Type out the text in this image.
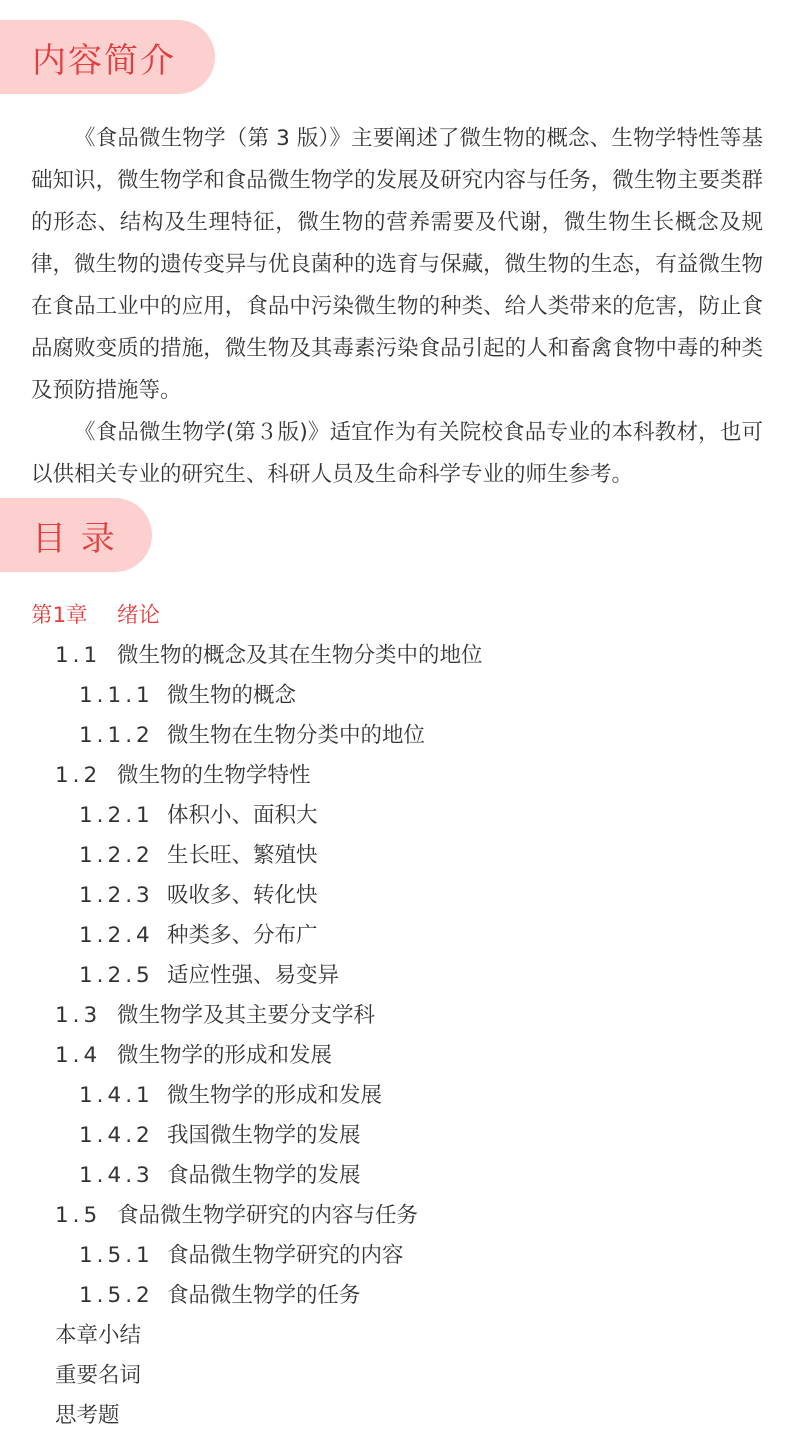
内容简介

《食品微生物学（第 3 版）》主要阐述了微生物的概念、生物学特性等基础知识，微生物学和食品微生物学的发展及研究内容与任务，微生物主要类群的形态、结构及生理特征，微生物的营养需要及代谢，微生物生长概念及规律，微生物的遗传变异与优良菌种的选育与保藏，微生物的生态，有益微生物在食品工业中的应用，食品中污染微生物的种类、给人类带来的危害，防止食品腐败变质的措施，微生物及其毒素污染食品引起的人和畜禽食物中毒的种类及预防措施等。

《食品微生物学(第３版)》适宜作为有关院校食品专业的本科教材，也可以供相关专业的研究生、科研人员及生命科学专业的师生参考。

目 录
第1章	绪论
1.1 微生物的概念及其在生物分类中的地位
1.1.1 微生物的概念
1.1.2 微生物在生物分类中的地位
1.2 微生物的生物学特性
1.2.1 体积小、面积大
1.2.2 生长旺、繁殖快
1.2.3 吸收多、转化快
1.2.4 种类多、分布广
1.2.5 适应性强、易变异
1.3 微生物学及其主要分支学科
1.4 微生物学的形成和发展
1.4.1 微生物学的形成和发展
1.4.2 我国微生物学的发展
1.4.3 食品微生物学的发展
1.5 食品微生物学研究的内容与任务
1.5.1 食品微生物学研究的内容
1.5.2 食品微生物学的任务
本章小结
重要名词
思考题
